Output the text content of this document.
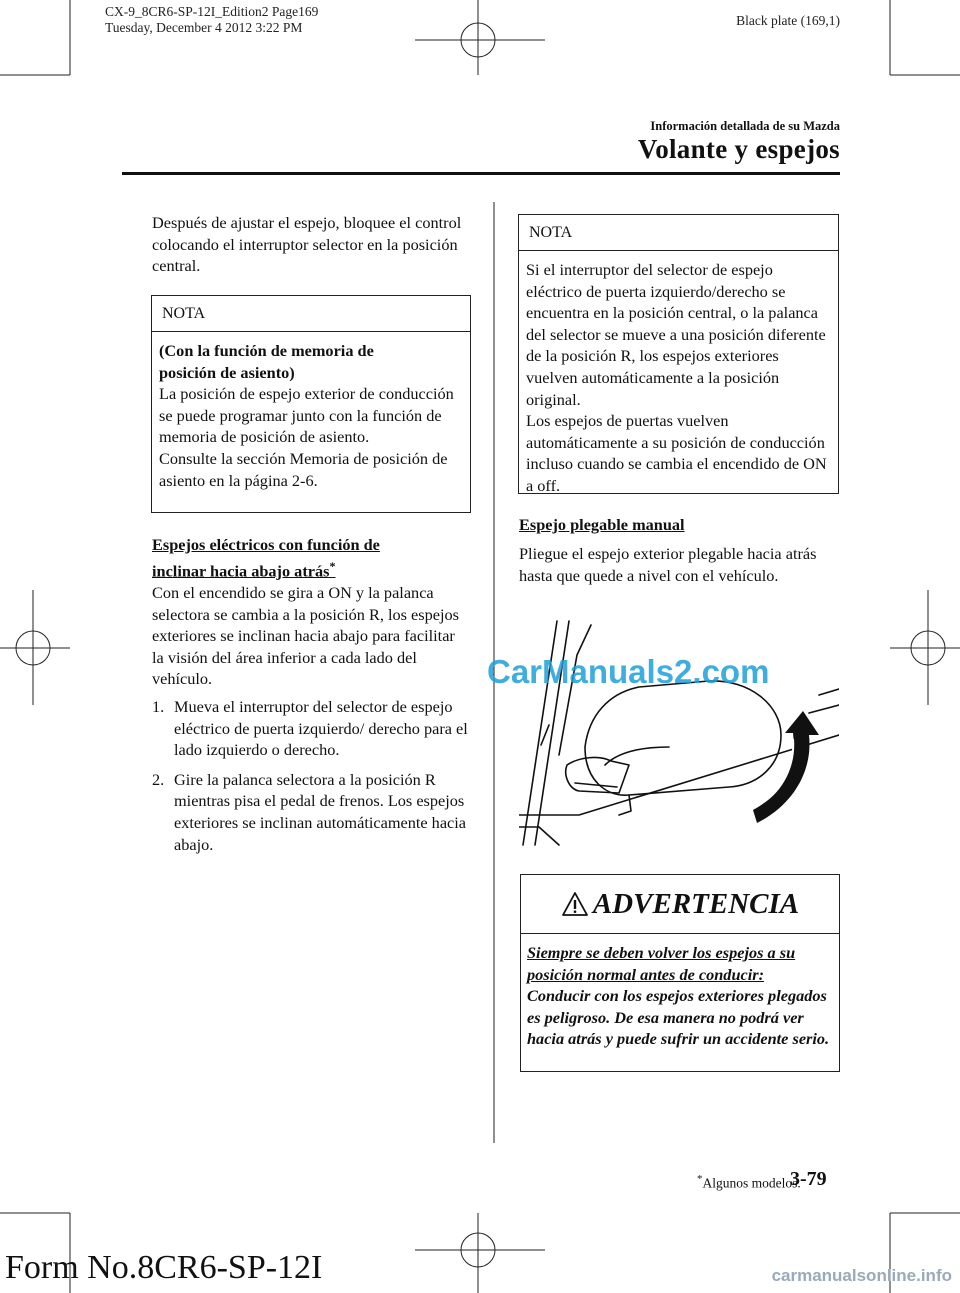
CX-9_8CR6-SP-12I_Edition2 Page169
Tuesday, December 4 2012 3:22 PM	Black plate (169,1)
Información detallada de su Mazda
Volante y espejos
Después de ajustar el espejo, bloquee el control colocando el interruptor selector en la posición central.
NOTA
(Con la función de memoria de
posición de asiento)
La posición de espejo exterior de conducción se puede programar junto con la función de memoria de posición de asiento.
Consulte la sección Memoria de posición de asiento en la página 2-6.
Espejos eléctricos con función de
inclinar hacia abajo atrás*
Con el encendido se gira a ON y la palanca selectora se cambia a la posición R, los espejos exteriores se inclinan hacia abajo para facilitar la visión del área inferior a cada lado del vehículo.
1. Mueva el interruptor del selector de espejo eléctrico de puerta izquierdo/ derecho para el lado izquierdo o derecho.
2. Gire la palanca selectora a la posición R mientras pisa el pedal de frenos. Los espejos exteriores se inclinan automáticamente hacia abajo.
NOTA
Si el interruptor del selector de espejo eléctrico de puerta izquierdo/derecho se encuentra en la posición central, o la palanca del selector se mueve a una posición diferente de la posición R, los espejos exteriores vuelven automáticamente a la posición original.
Los espejos de puertas vuelven automáticamente a su posición de conducción incluso cuando se cambia el encendido de ON a off.
Espejo plegable manual
Pliegue el espejo exterior plegable hacia atrás hasta que quede a nivel con el vehículo.
ADVERTENCIA
Siempre se deben volver los espejos a su posición normal antes de conducir:
Conducir con los espejos exteriores plegados es peligroso. De esa manera no podrá ver hacia atrás y puede sufrir un accidente serio.
CarManuals2.com
*Algunos modelos.
3-79
Form No.8CR6-SP-12I	carmanualsonline.info
